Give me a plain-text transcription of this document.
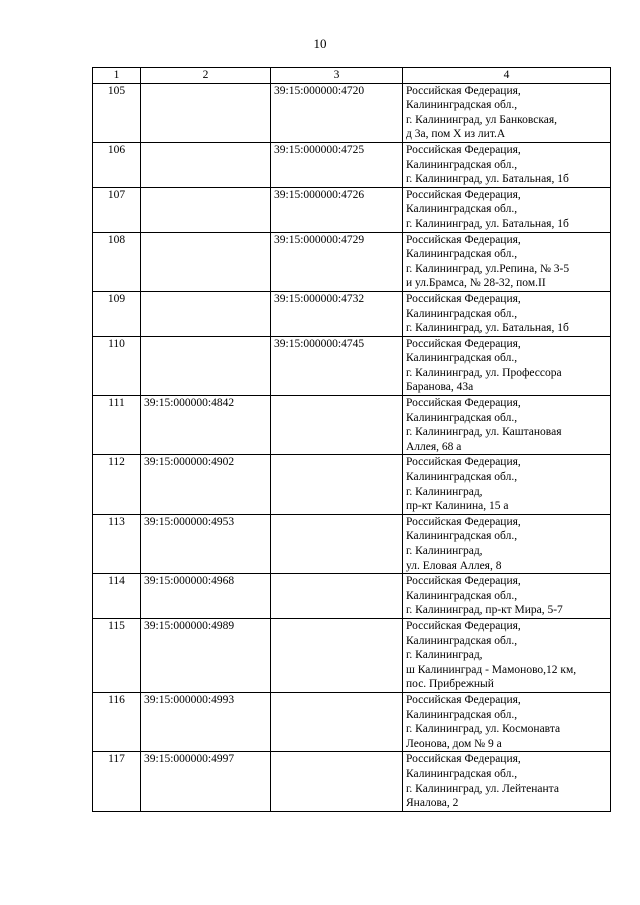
10
1	2	3	4
105		39:15:000000:4720	Российская Федерация,
Калининградская обл.,
г. Калининград, ул Банковская,
д 3а, пом X из лит.А

106		39:15:000000:4725	Российская Федерация,
Калининградская обл.,
г. Калининград, ул. Батальная, 1б

107		39:15:000000:4726	Российская Федерация,
Калининградская обл.,
г. Калининград, ул. Батальная, 1б

108		39:15:000000:4729	Российская Федерация,
Калининградская обл.,
г. Калининград, ул.Репина, № 3-5
и ул.Брамса, № 28-32, пом.II

109		39:15:000000:4732	Российская Федерация,
Калининградская обл.,
г. Калининград, ул. Батальная, 1б

110		39:15:000000:4745	Российская Федерация,
Калининградская обл.,
г. Калининград, ул. Профессора
Баранова, 43а

111	39:15:000000:4842		Российская Федерация,
Калининградская обл.,
г. Калининград, ул. Каштановая
Аллея, 68 а

112	39:15:000000:4902		Российская Федерация,
Калининградская обл.,
г. Калининград,
пр-кт Калинина, 15 а

113	39:15:000000:4953		Российская Федерация,
Калининградская обл.,
г. Калининград,
ул. Еловая Аллея, 8

114	39:15:000000:4968		Российская Федерация,
Калининградская обл.,
г. Калининград, пр-кт Мира, 5-7

115	39:15:000000:4989		Российская Федерация,
Калининградская обл.,
г. Калининград,
ш Калининград - Мамоново,12 км,
пос. Прибрежный

116	39:15:000000:4993		Российская Федерация,
Калининградская обл.,
г. Калининград, ул. Космонавта
Леонова, дом № 9 а

117	39:15:000000:4997		Российская Федерация,
Калининградская обл.,
г. Калининград, ул. Лейтенанта
Яналова, 2
